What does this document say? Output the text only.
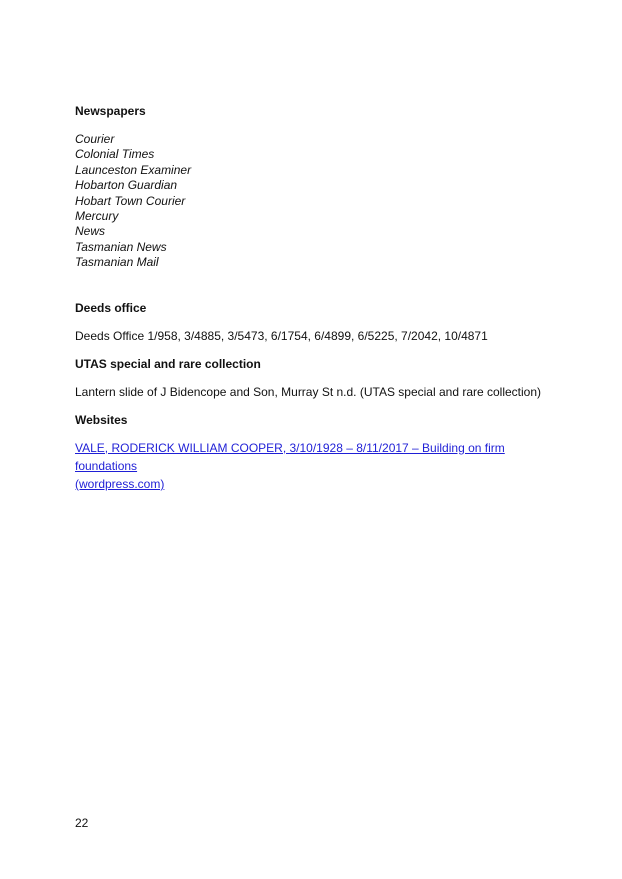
Newspapers

Courier
Colonial Times
Launceston Examiner
Hobarton Guardian
Hobart Town Courier
Mercury
News
Tasmanian News
Tasmanian Mail

Deeds office

Deeds Office 1/958, 3/4885, 3/5473, 6/1754, 6/4899, 6/5225, 7/2042, 10/4871

UTAS special and rare collection

Lantern slide of J Bidencope and Son, Murray St n.d. (UTAS special and rare collection)

Websites

VALE, RODERICK WILLIAM COOPER, 3/10/1928 – 8/11/2017 – Building on firm foundations
(wordpress.com)
22
